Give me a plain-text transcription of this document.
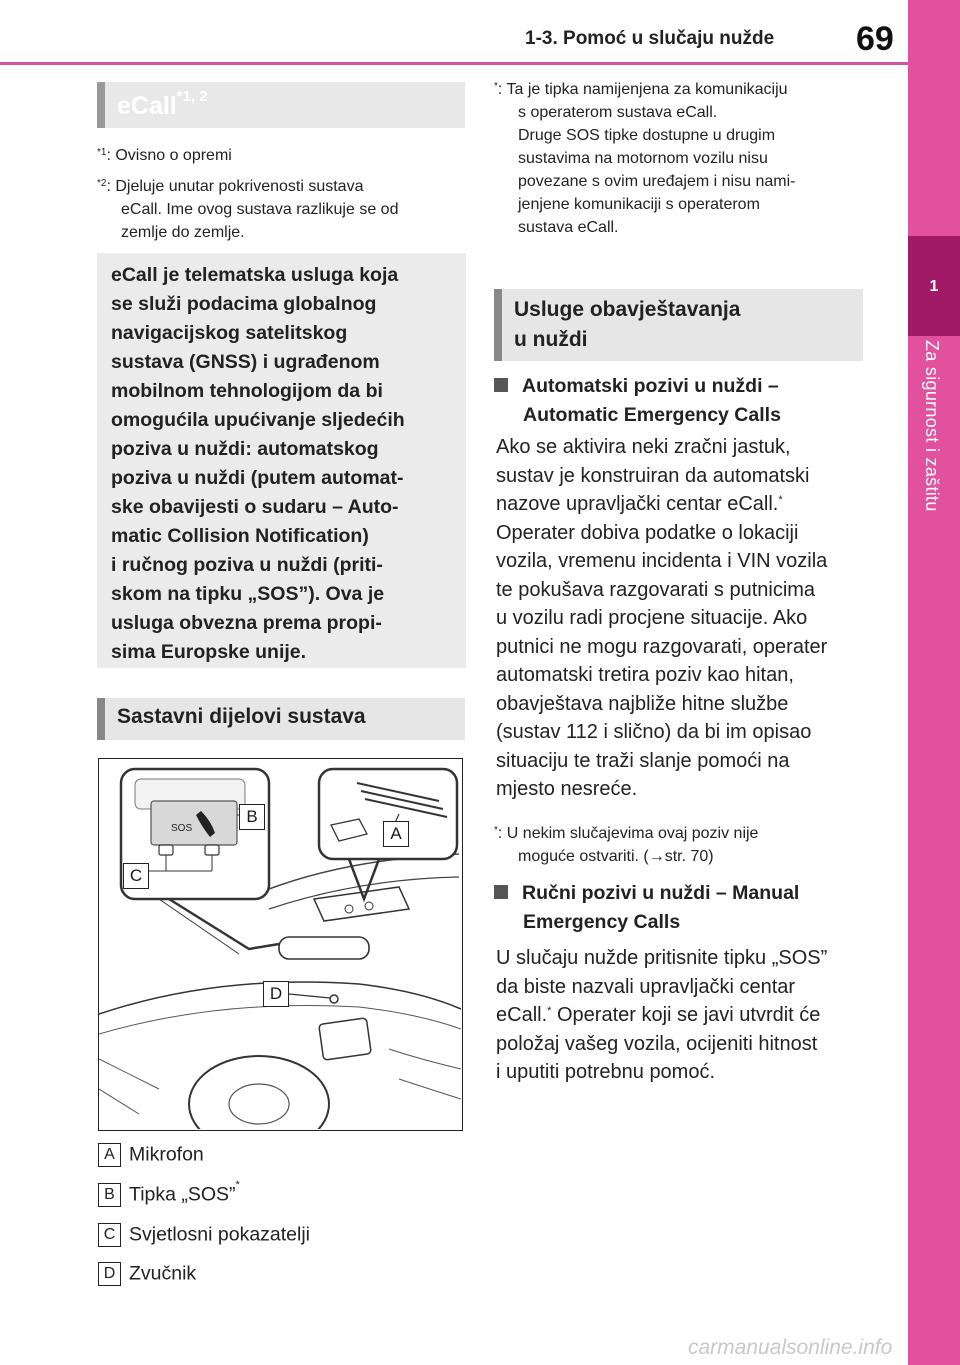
1-3. Pomoć u slučaju nužde 69
1
Za sigurnost i zaštitu
eCall$^{*1, 2}$
$^{*1}$: Ovisno o opremi
$^{*2}$: Djeluje unutar pokrivenosti sustava
eCall. Ime ovog sustava razlikuje se od
zemlje do zemlje.
eCall je telematska usluga koja
se služi podacima globalnog
navigacijskog satelitskog
sustava (GNSS) i ugrađenom
mobilnom tehnologijom da bi
omogućila upućivanje sljedećih
poziva u nuždi: automatskog
poziva u nuždi (putem automat-
ske obavijesti o sudaru – Auto-
matic Collision Notification)
i ručnog poziva u nuždi (priti-
skom na tipku „SOS”). Ova je
usluga obvezna prema propi-
sima Europske unije.
Sastavni dijelovi sustava
B
A
C
D
SOS
A Mikrofon
B Tipka „SOS”*
C Svjetlosni pokazatelji
D Zvučnik
*: Ta je tipka namijenjena za komunikaciju
s operaterom sustava eCall.
Druge SOS tipke dostupne u drugim
sustavima na motornom vozilu nisu
povezane s ovim uređajem i nisu nami-
jenjene komunikaciji s operaterom
sustava eCall.
Usluge obavještavanja
u nuždi
Automatski pozivi u nuždi –
Automatic Emergency Calls
Ako se aktivira neki zračni jastuk,
sustav je konstruiran da automatski
nazove upravljački centar eCall.*
Operater dobiva podatke o lokaciji
vozila, vremenu incidenta i VIN vozila
te pokušava razgovarati s putnicima
u vozilu radi procjene situacije. Ako
putnici ne mogu razgovarati, operater
automatski tretira poziv kao hitan,
obavještava najbliže hitne službe
(sustav 112 i slično) da bi im opisao
situaciju te traži slanje pomoći na
mjesto nesreće.
*: U nekim slučajevima ovaj poziv nije
moguće ostvariti. (→str. 70)
Ručni pozivi u nuždi – Manual
Emergency Calls
U slučaju nužde pritisnite tipku „SOS”
da biste nazvali upravljački centar
eCall.* Operater koji se javi utvrdit će
položaj vašeg vozila, ocijeniti hitnost
i uputiti potrebnu pomoć.
carmanualsonline.info
